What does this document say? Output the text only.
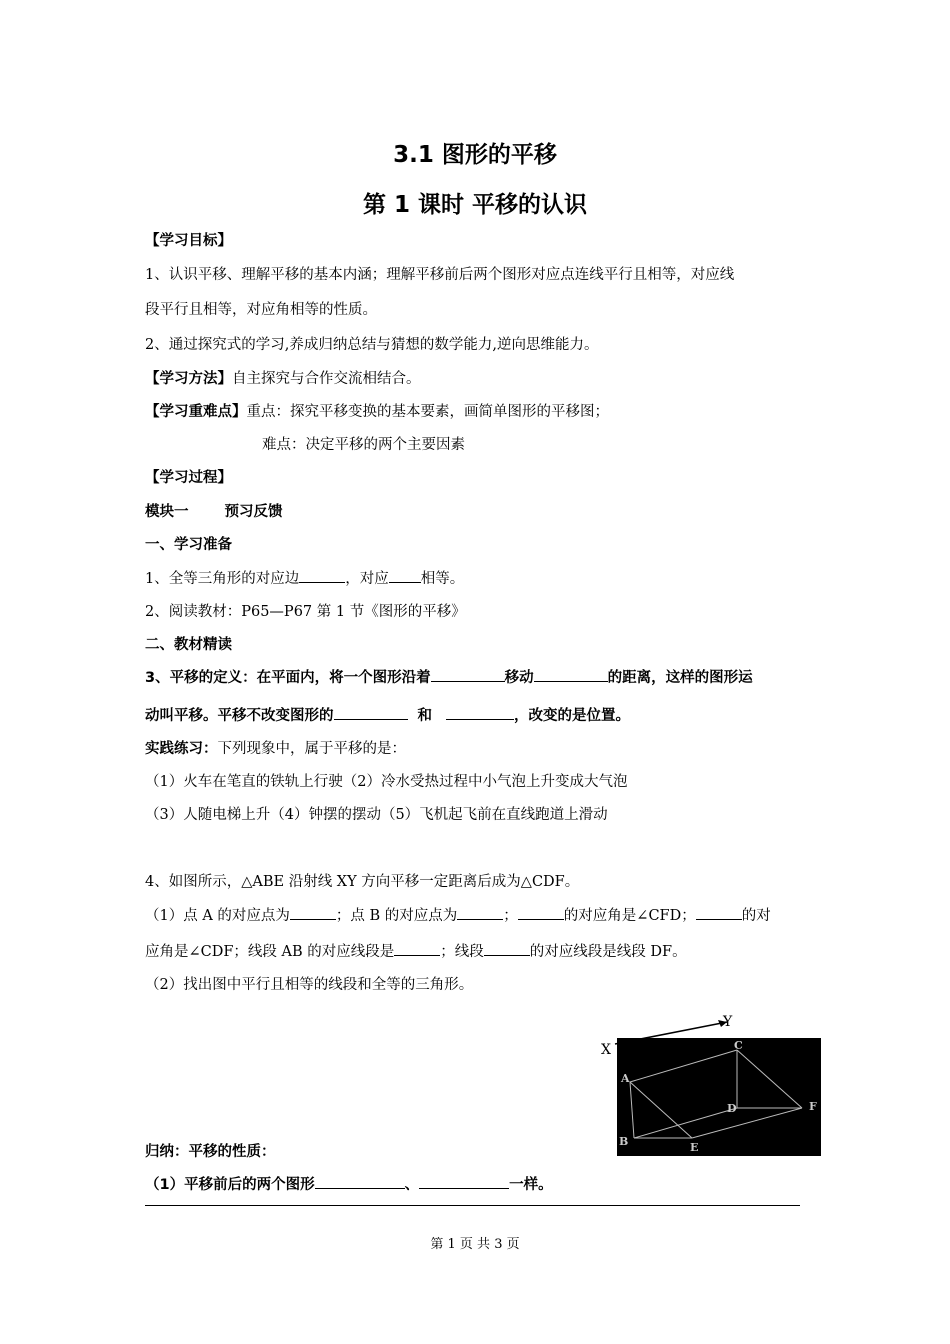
3.1 图形的平移
第 1 课时 平移的认识
【学习目标】
1、认识平移、理解平移的基本内涵；理解平移前后两个图形对应点连线平行且相等，对应线
段平行且相等，对应角相等的性质。
2、通过探究式的学习,养成归纳总结与猜想的数学能力,逆向思维能力。
【学习方法】自主探究与合作交流相结合。
【学习重难点】重点：探究平移变换的基本要素，画简单图形的平移图；
难点：决定平移的两个主要因素
【学习过程】
模块一 预习反馈
一、学习准备
1、全等三角形的对应边	，对应 相等。
2、阅读教材：P65—P67 第 1 节《图形的平移》
二、教材精读
3、平移的定义：在平面内，将一个图形沿着	移动	的距离，这样的图形运
动叫平移。平移不改变图形的	和	，改变的是位置。
实践练习：下列现象中，属于平移的是：
（1）火车在笔直的铁轨上行驶（2）冷水受热过程中小气泡上升变成大气泡
（3）人随电梯上升（4）钟摆的摆动（5）飞机起飞前在直线跑道上滑动
4、如图所示，△ABE 沿射线 XY 方向平移一定距离后成为△CDF。
（1）点 A 的对应点为	；点 B 的对应点为	；	的对应角是∠CFD；	的对
应角是∠CDF；线段 AB 的对应线段是	；线段	的对应线段是线段 DF。
（2）找出图中平行且相等的线段和全等的三角形。
A
B
C
D
E
F
X
Y
归纳：平移的性质：
（1）平移前后的两个图形	、	一样。
第 1 页 共 3 页
